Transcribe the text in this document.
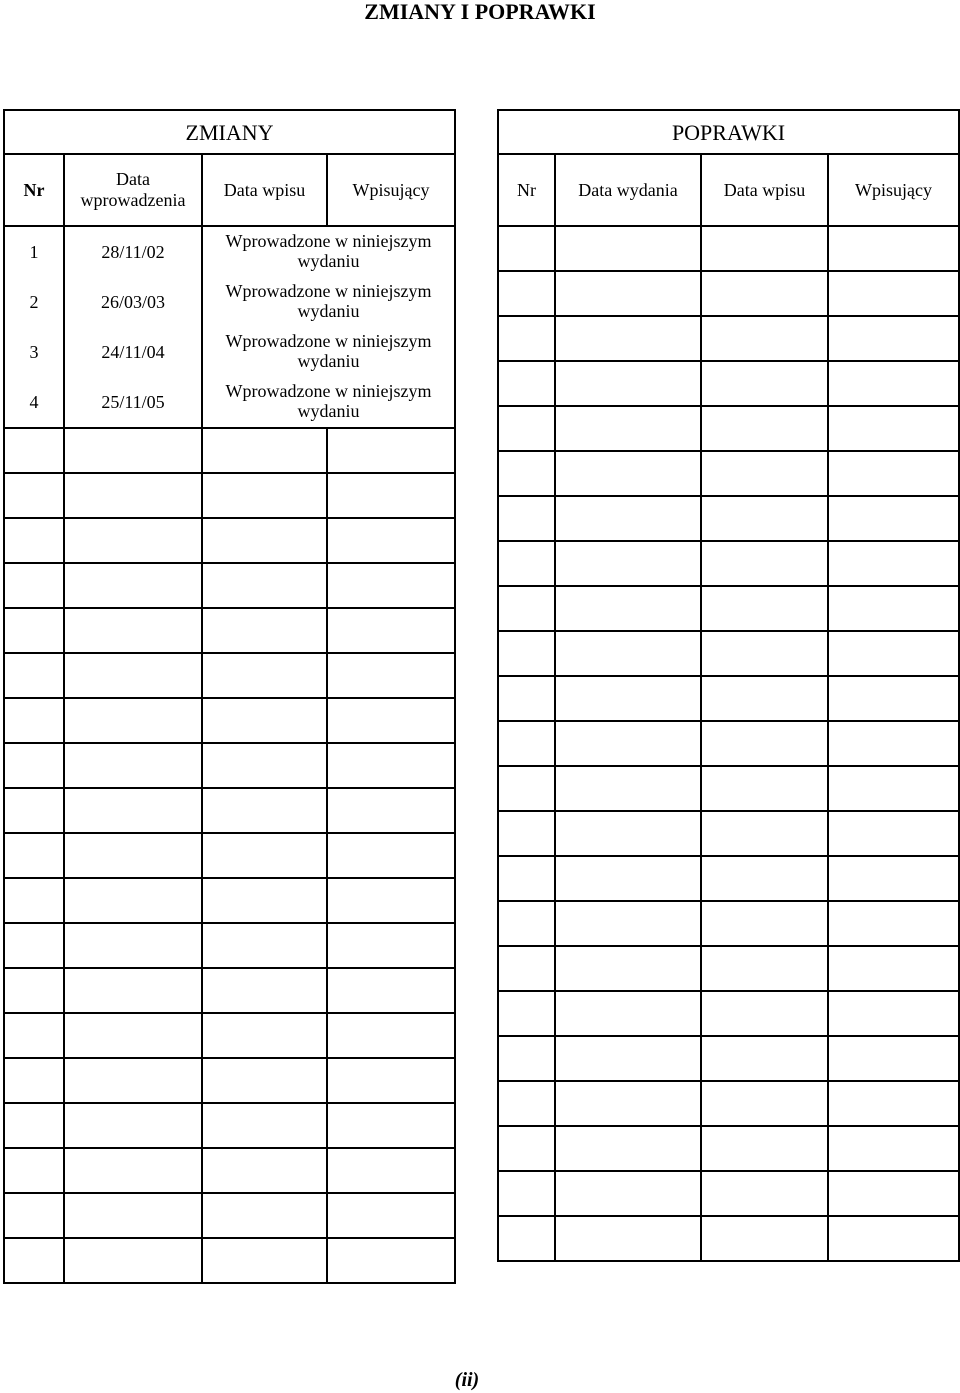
ZMIANY I POPRAWKI
ZMIANY			
Nr	Data wprowadzenia	Data wpisu	Wpisujący
1	28/11/02	Wprowadzone w niniejszym wydaniu	
2	26/03/03	Wprowadzone w niniejszym wydaniu	
3	24/11/04	Wprowadzone w niniejszym wydaniu	
4	25/11/05	Wprowadzone w niniejszym wydaniu	

POPRAWKI			
Nr	Data wydania	Data wpisu	Wpisujący

(ii)
